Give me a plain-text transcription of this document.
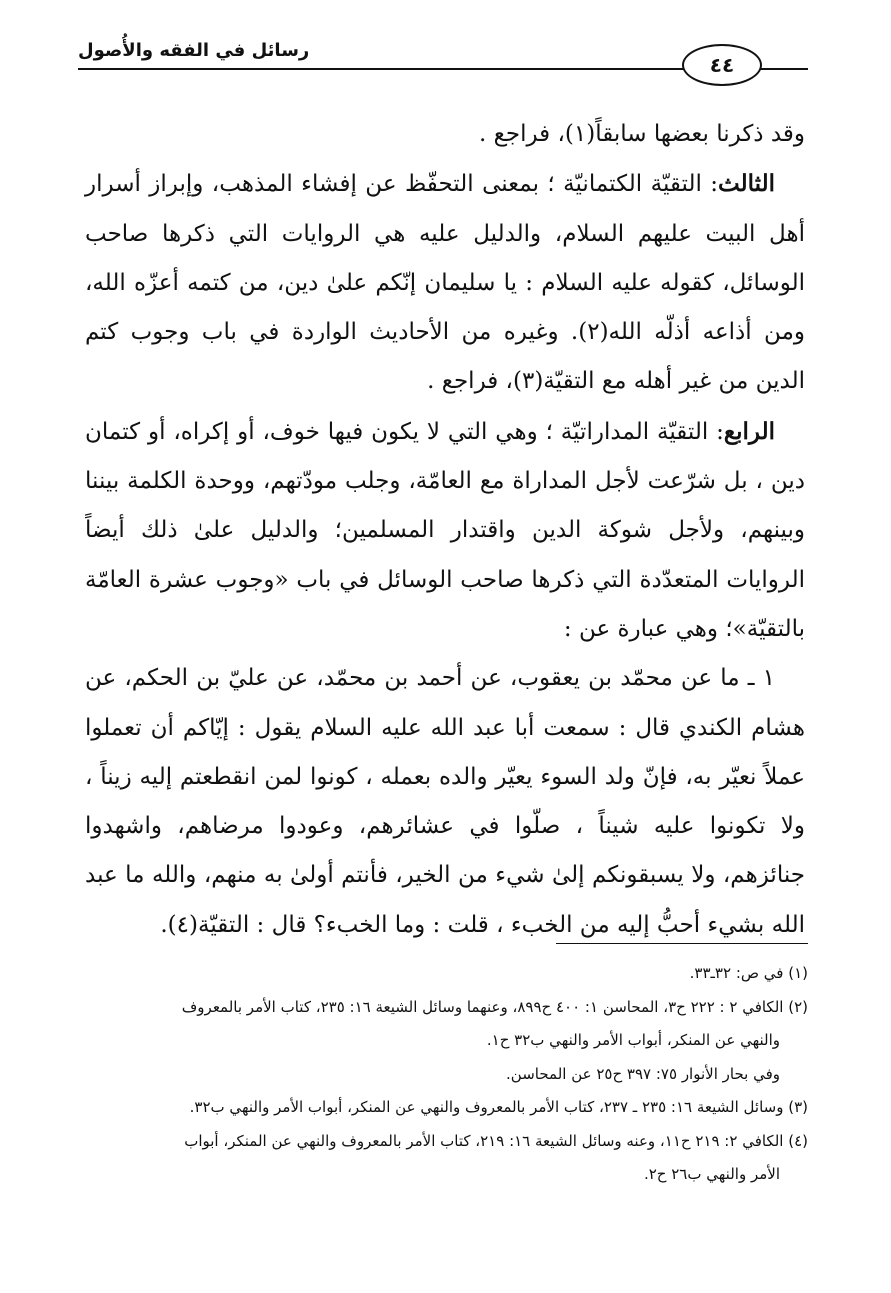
رسائل في الفقه والأُصول
٤٤

وقد ذكرنا بعضها سابقاً(١)، فراجع .

الثالث: التقيّة الكتمانيّة ؛ بمعنى التحفّظ عن إفشاء المذهب، وإبراز أسرار أهل البيت عليهم السلام، والدليل عليه هي الروايات التي ذكرها صاحب الوسائل، كقوله عليه السلام : يا سليمان إنّكم علىٰ دين، من كتمه أعزّه الله، ومن أذاعه أذلّه الله(٢). وغيره من الأحاديث الواردة في باب وجوب كتم الدين من غير أهله مع التقيّة(٣)، فراجع .

الرابع: التقيّة المداراتيّة ؛ وهي التي لا يكون فيها خوف، أو إكراه، أو كتمان دين ، بل شرّعت لأجل المداراة مع العامّة، وجلب مودّتهم، ووحدة الكلمة بيننا وبينهم، ولأجل شوكة الدين واقتدار المسلمين؛ والدليل علىٰ ذلك أيضاً الروايات المتعدّدة التي ذكرها صاحب الوسائل في باب «وجوب عشرة العامّة بالتقيّة»؛ وهي عبارة عن :

١ ـ ما عن محمّد بن يعقوب، عن أحمد بن محمّد، عن عليّ بن الحكم، عن هشام الكندي قال : سمعت أبا عبد الله عليه السلام يقول : إيّاكم أن تعملوا عملاً نعيّر به، فإنّ ولد السوء يعيّر والده بعمله ، كونوا لمن انقطعتم إليه زيناً ، ولا تكونوا عليه شيناً ، صلّوا في عشائرهم، وعودوا مرضاهم، واشهدوا جنائزهم، ولا يسبقونكم إلىٰ شيء من الخير، فأنتم أولىٰ به منهم، والله ما عبد الله بشيء أحبُّ إليه من الخبء ، قلت : وما الخبء؟ قال : التقيّة(٤).

(١) في ص: ٣٢ـ٣٣.

(٢) الكافي ٢ : ٢٢٢ ح٣، المحاسن ١: ٤٠٠ ح٨٩٩، وعنهما وسائل الشيعة ١٦: ٢٣٥، كتاب الأمر بالمعروف

والنهي عن المنكر، أبواب الأمر والنهي ب٣٢ ح١.

وفي بحار الأنوار ٧٥: ٣٩٧ ح٢٥ عن المحاسن.

(٣) وسائل الشيعة ١٦: ٢٣٥ ـ ٢٣٧، كتاب الأمر بالمعروف والنهي عن المنكر، أبواب الأمر والنهي ب٣٢.

(٤) الكافي ٢: ٢١٩ ح١١، وعنه وسائل الشيعة ١٦: ٢١٩، كتاب الأمر بالمعروف والنهي عن المنكر، أبواب

الأمر والنهي ب٢٦ ح٢.
